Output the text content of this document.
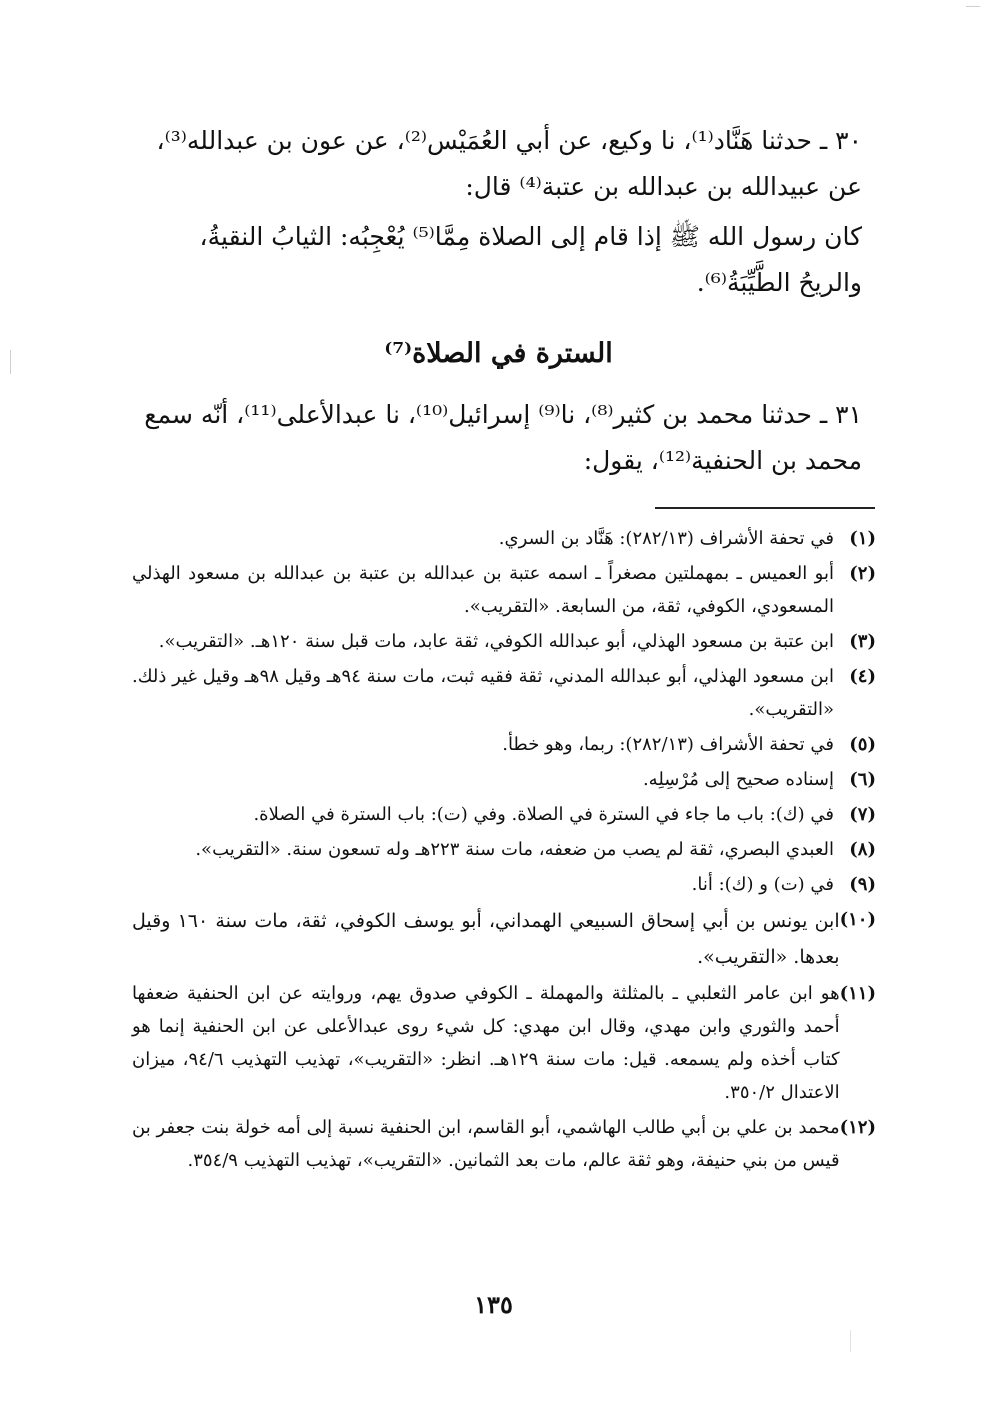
٣٠ ـ حدثنا هَنَّاد⁽¹⁾، نا وكيع، عن أبي العُمَيْس⁽²⁾، عن عون بن عبدالله⁽³⁾، عن عبيدالله بن عبدالله بن عتبة⁽⁴⁾ قال:

كان رسول الله ﷺ إذا قام إلى الصلاة مِمَّا⁽⁵⁾ يُعْجِبُه: الثيابُ النقيةُ، والريحُ الطَّيِّبَةُ⁽⁶⁾.

السترة في الصلاة⁽⁷⁾

٣١ ـ حدثنا محمد بن كثير⁽⁸⁾، نا⁽⁹⁾ إسرائيل⁽¹⁰⁾، نا عبدالأعلى⁽¹¹⁾، أنّه سمع محمد بن الحنفية⁽¹²⁾، يقول:

(١)
في تحفة الأشراف (٢٨٢/١٣): هَنَّاد بن السري.
(٢)
أبو العميس ـ بمهملتين مصغراً ـ اسمه عتبة بن عبدالله بن عتبة بن عبدالله بن مسعود الهذلي المسعودي، الكوفي، ثقة، من السابعة. «التقريب».
(٣)
ابن عتبة بن مسعود الهذلي، أبو عبدالله الكوفي، ثقة عابد، مات قبل سنة ١٢٠هـ. «التقريب».
(٤)
ابن مسعود الهذلي، أبو عبدالله المدني، ثقة فقيه ثبت، مات سنة ٩٤هـ وقيل ٩٨هـ وقيل غير ذلك. «التقريب».
(٥)
في تحفة الأشراف (٢٨٢/١٣): ربما، وهو خطأ.
(٦)
إسناده صحيح إلى مُرْسِلِه.
(٧)
في (ك): باب ما جاء في السترة في الصلاة. وفي (ت): باب السترة في الصلاة.
(٨)
العبدي البصري، ثقة لم يصب من ضعفه، مات سنة ٢٢٣هـ وله تسعون سنة. «التقريب».
(٩)
في (ت) و (ك): أنا.
(١٠)
ابن يونس بن أبي إسحاق السبيعي الهمداني، أبو يوسف الكوفي، ثقة، مات سنة ١٦٠ وقيل بعدها. «التقريب».
(١١)
هو ابن عامر الثعلبي ـ بالمثلثة والمهملة ـ الكوفي صدوق يهم، وروايته عن ابن الحنفية ضعفها أحمد والثوري وابن مهدي، وقال ابن مهدي: كل شيء روى عبدالأعلى عن ابن الحنفية إنما هو كتاب أخذه ولم يسمعه. قيل: مات سنة ١٢٩هـ. انظر: «التقريب»، تهذيب التهذيب ٩٤/٦، ميزان الاعتدال ٣٥٠/٢.
(١٢)
محمد بن علي بن أبي طالب الهاشمي، أبو القاسم، ابن الحنفية نسبة إلى أمه خولة بنت جعفر بن قيس من بني حنيفة، وهو ثقة عالم، مات بعد الثمانين. «التقريب»، تهذيب التهذيب ٣٥٤/٩.
١٣٥
